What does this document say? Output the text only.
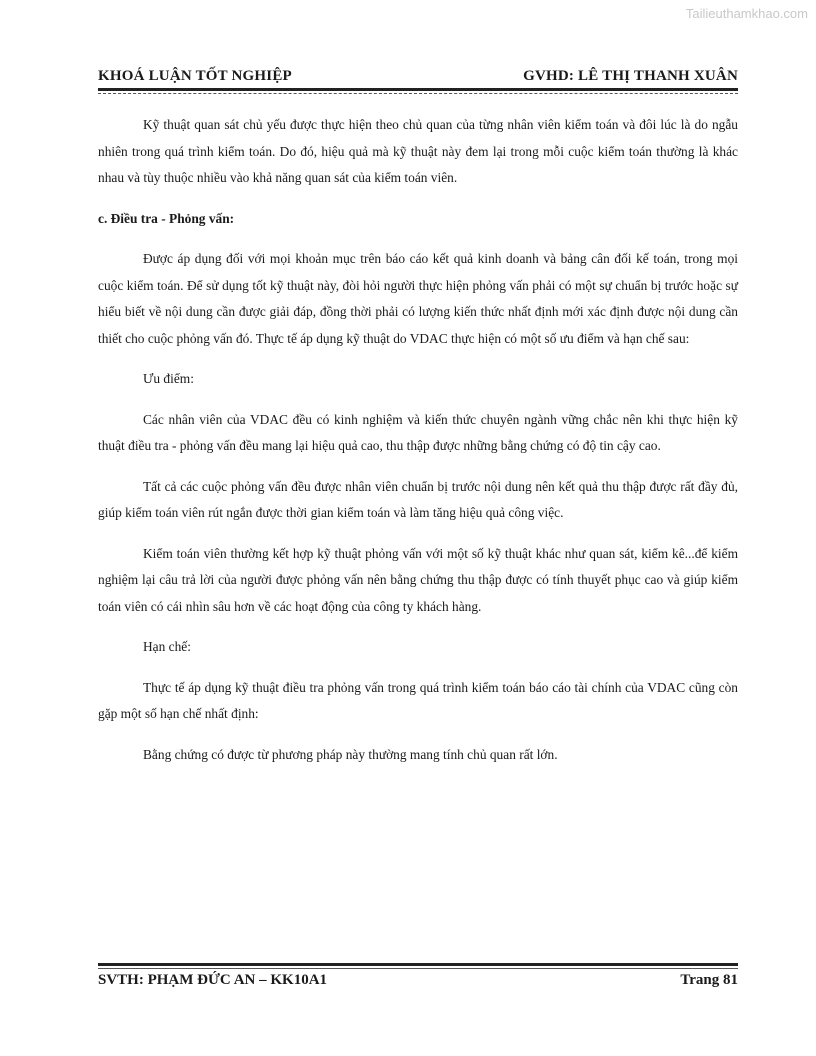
Tailieuthamkhao.com
KHOÁ LUẬN TỐT NGHIỆP	GVHD: LÊ THỊ THANH XUÂN

Kỹ thuật quan sát chủ yếu được thực hiện theo chủ quan của từng nhân viên kiểm toán và đôi lúc là do ngẫu nhiên trong quá trình kiểm toán. Do đó, hiệu quả mà kỹ thuật này đem lại trong mỗi cuộc kiểm toán thường là khác nhau và tùy thuộc nhiều vào khả năng quan sát của kiểm toán viên.

c. Điều tra - Phỏng vấn:

Được áp dụng đối với mọi khoản mục trên báo cáo kết quả kinh doanh và bảng cân đối kế toán, trong mọi cuộc kiểm toán. Để sử dụng tốt kỹ thuật này, đòi hỏi người thực hiện phỏng vấn phải có một sự chuẩn bị trước hoặc sự hiểu biết về nội dung cần được giải đáp, đồng thời phải có lượng kiến thức nhất định mới xác định được nội dung cần thiết cho cuộc phỏng vấn đó. Thực tế áp dụng kỹ thuật do VDAC thực hiện có một số ưu điểm và hạn chế sau:

Ưu điểm:

Các nhân viên của VDAC đều có kinh nghiệm và kiến thức chuyên ngành vững chắc nên khi thực hiện kỹ thuật điều tra - phỏng vấn đều mang lại hiệu quả cao, thu thập được những bằng chứng có độ tin cậy cao.

Tất cả các cuộc phỏng vấn đều được nhân viên chuẩn bị trước nội dung nên kết quả thu thập được rất đầy đủ, giúp kiểm toán viên rút ngắn được thời gian kiểm toán và làm tăng hiệu quả công việc.

Kiểm toán viên thường kết hợp kỹ thuật phỏng vấn với một số kỹ thuật khác như quan sát, kiểm kê...để kiểm nghiệm lại câu trả lời của người được phỏng vấn nên bằng chứng thu thập được có tính thuyết phục cao và giúp kiểm toán viên có cái nhìn sâu hơn về các hoạt động của công ty khách hàng.

Hạn chế:

Thực tế áp dụng kỹ thuật điều tra phỏng vấn trong quá trình kiểm toán báo cáo tài chính của VDAC cũng còn gặp một số hạn chế nhất định:

Bằng chứng có được từ phương pháp này thường mang tính chủ quan rất lớn.

SVTH: PHẠM ĐỨC AN – KK10A1	Trang 81
